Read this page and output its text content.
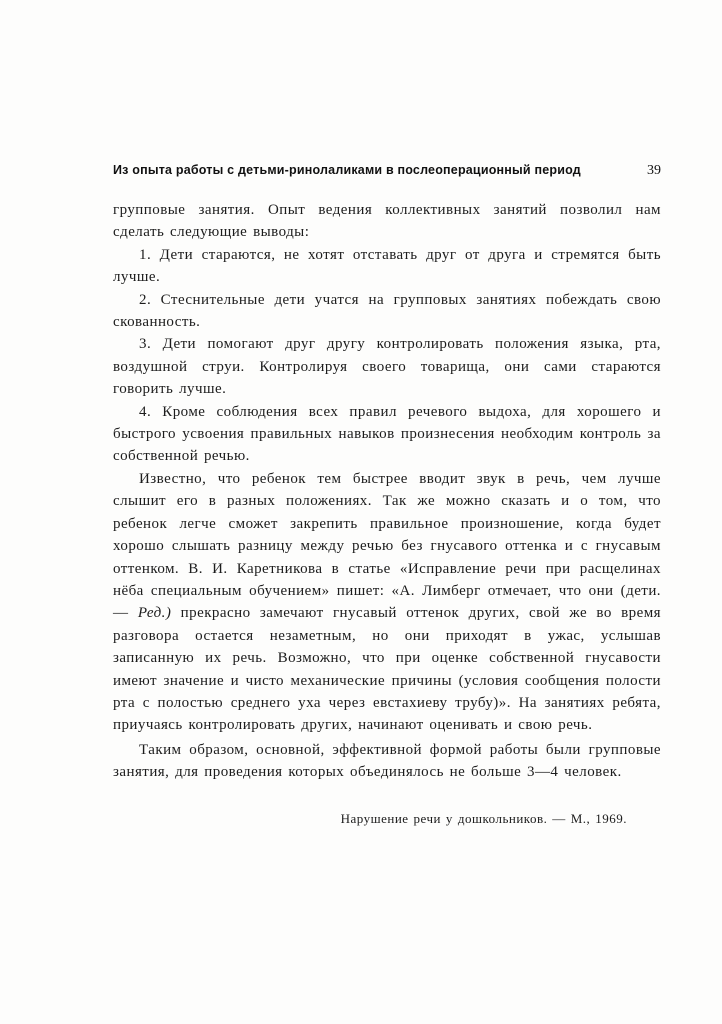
Из опыта работы с детьми-ринолаликами в послеоперационный период	39

групповые занятия. Опыт ведения коллективных занятий позволил нам сделать следующие выводы:

1. Дети стараются, не хотят отставать друг от друга и стремятся быть лучше.

2. Стеснительные дети учатся на групповых занятиях побеждать свою скованность.

3. Дети помогают друг другу контролировать положения языка, рта, воздушной струи. Контролируя своего товарища, они сами стараются говорить лучше.

4. Кроме соблюдения всех правил речевого выдоха, для хорошего и быстрого усвоения правильных навыков произнесения необходим контроль за собственной речью.

Известно, что ребенок тем быстрее вводит звук в речь, чем лучше слышит его в разных положениях. Так же можно сказать и о том, что ребенок легче сможет закрепить правильное произношение, когда будет хорошо слышать разницу между речью без гнусавого оттенка и с гнусавым оттенком. В. И. Каретникова в статье «Исправление речи при расщелинах нёба специальным обучением» пишет: «А. Лимберг отмечает, что они (дети. — Ред.) прекрасно замечают гнусавый оттенок других, свой же во время разговора остается незаметным, но они приходят в ужас, услышав записанную их речь. Возможно, что при оценке собственной гнусавости имеют значение и чисто механические причины (условия сообщения полости рта с полостью среднего уха через евстахиеву трубу)». На занятиях ребята, приучаясь контролировать других, начинают оценивать и свою речь.

Таким образом, основной, эффективной формой работы были групповые занятия, для проведения которых объединялось не больше 3—4 человек.

Нарушение речи у дошкольников. — М., 1969.
